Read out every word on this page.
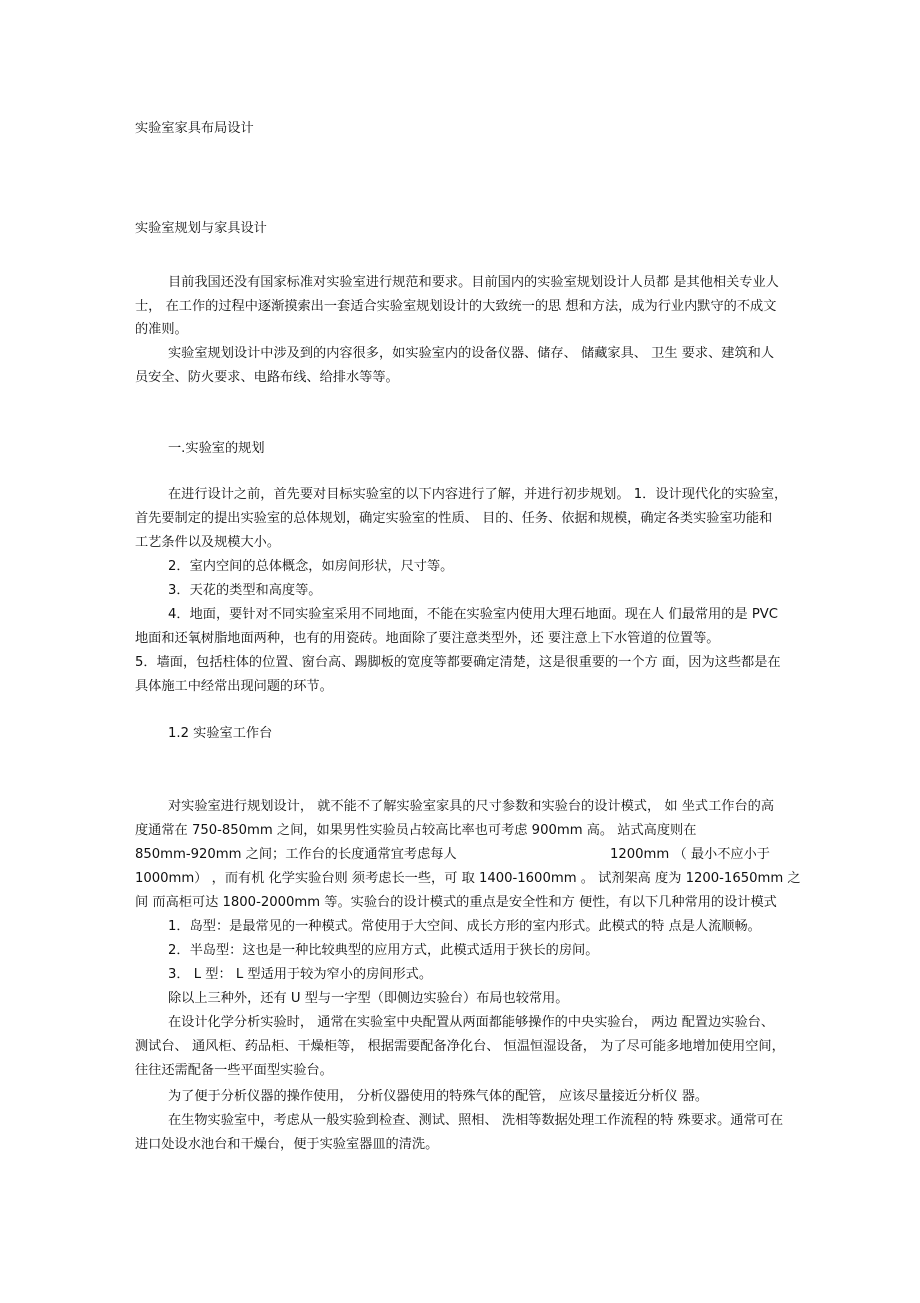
实验室家具布局设计
实验室规划与家具设计
目前我国还没有国家标准对实验室进行规范和要求。目前国内的实验室规划设计人员都 是其他相关专业人
士， 在工作的过程中逐渐摸索出一套适合实验室规划设计的大致统一的思 想和方法，成为行业内默守的不成文
的准则。
实验室规划设计中涉及到的内容很多，如实验室内的设备仪器、储存、 储藏家具、 卫生 要求、建筑和人
员安全、防火要求、电路布线、给排水等等。
一.实验室的规划
在进行设计之前，首先要对目标实验室的以下内容进行了解，并进行初步规划。 1．设计现代化的实验室，
首先要制定的提出实验室的总体规划，确定实验室的性质、 目的、任务、依据和规模，确定各类实验室功能和
工艺条件以及规模大小。
2．室内空间的总体概念，如房间形状，尺寸等。
3．天花的类型和高度等。
4．地面，要针对不同实验室采用不同地面，不能在实验室内使用大理石地面。现在人 们最常用的是 PVC
地面和还氧树脂地面两种，也有的用瓷砖。地面除了要注意类型外，还 要注意上下水管道的位置等。
5．墙面，包括柱体的位置、窗台高、踢脚板的宽度等都要确定清楚，这是很重要的一个方 面，因为这些都是在
具体施工中经常出现问题的环节。
1.2 实验室工作台
对实验室进行规划设计， 就不能不了解实验室家具的尺寸参数和实验台的设计模式， 如 坐式工作台的高
度通常在 750-850mm 之间，如果男性实验员占较高比率也可考虑 900mm 高。 站式高度则在
850mm-920mm 之间；工作台的长度通常宜考虑每人	1200mm （ 最小不应小于
1000mm） ，而有机 化学实验台则 须考虑长一些，可 取 1400-1600mm 。 试剂架高 度为 1200-1650mm 之
间 而高柜可达 1800-2000mm 等。实验台的设计模式的重点是安全性和方 便性，有以下几种常用的设计模式
1．岛型：是最常见的一种模式。常使用于大空间、成长方形的室内形式。此模式的特 点是人流顺畅。
2．半岛型：这也是一种比较典型的应用方式，此模式适用于狭长的房间。
3． L 型： L 型适用于较为窄小的房间形式。
除以上三种外，还有 U 型与一字型（即侧边实验台）布局也较常用。
在设计化学分析实验时， 通常在实验室中央配置从两面都能够操作的中央实验台， 两边 配置边实验台、
测试台、 通风柜、药品柜、干燥柜等， 根据需要配备净化台、 恒温恒湿设备， 为了尽可能多地增加使用空间，
往往还需配备一些平面型实验台。
为了便于分析仪器的操作使用， 分析仪器使用的特殊气体的配管， 应该尽量接近分析仪 器。
在生物实验室中，考虑从一般实验到检查、测试、照相、 洗相等数据处理工作流程的特 殊要求。通常可在
进口处设水池台和干燥台，便于实验室器皿的清洗。
